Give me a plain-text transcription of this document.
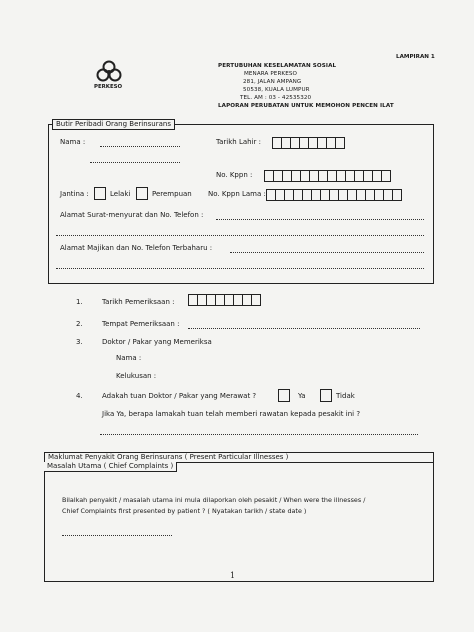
LAMPIRAN 1
PERKESO
PERTUBUHAN KESELAMATAN SOSIAL
MENARA PERKESO
281, JALAN AMPANG
50538, KUALA LUMPUR
TEL. AM : 03 - 42535320
LAPORAN PERUBATAN UNTUK MEMOHON PENCEN ILAT
Butir Peribadi Orang Berinsurans
Nama :	Tarikh Lahir :
No. Kppn :
Jantina :	Lelaki	Perempuan No. Kppn Lama :
Alamat Surat-menyurat dan No. Telefon :
Alamat Majikan dan No. Telefon Terbaharu :
1.	Tarikh Pemeriksaan :
2.	Tempat Pemeriksaan :
3.	Doktor / Pakar yang Memeriksa
Nama :
Kelukusan :
4.	Adakah tuan Doktor / Pakar yang Merawat ?	Ya	Tidak
Jika Ya, berapa lamakah tuan telah memberi rawatan kepada pesakit ini ?
Maklumat Penyakit Orang Berinsurans ( Present Particular Illnesses )
Masalah Utama ( Chief Complaints )
Bilalkah penyakit / masalah utama ini mula dilaporkan oleh pesakit / When were the illnesses /
Chief Complaints first presented by patient ? ( Nyatakan tarikh / state date )
1
